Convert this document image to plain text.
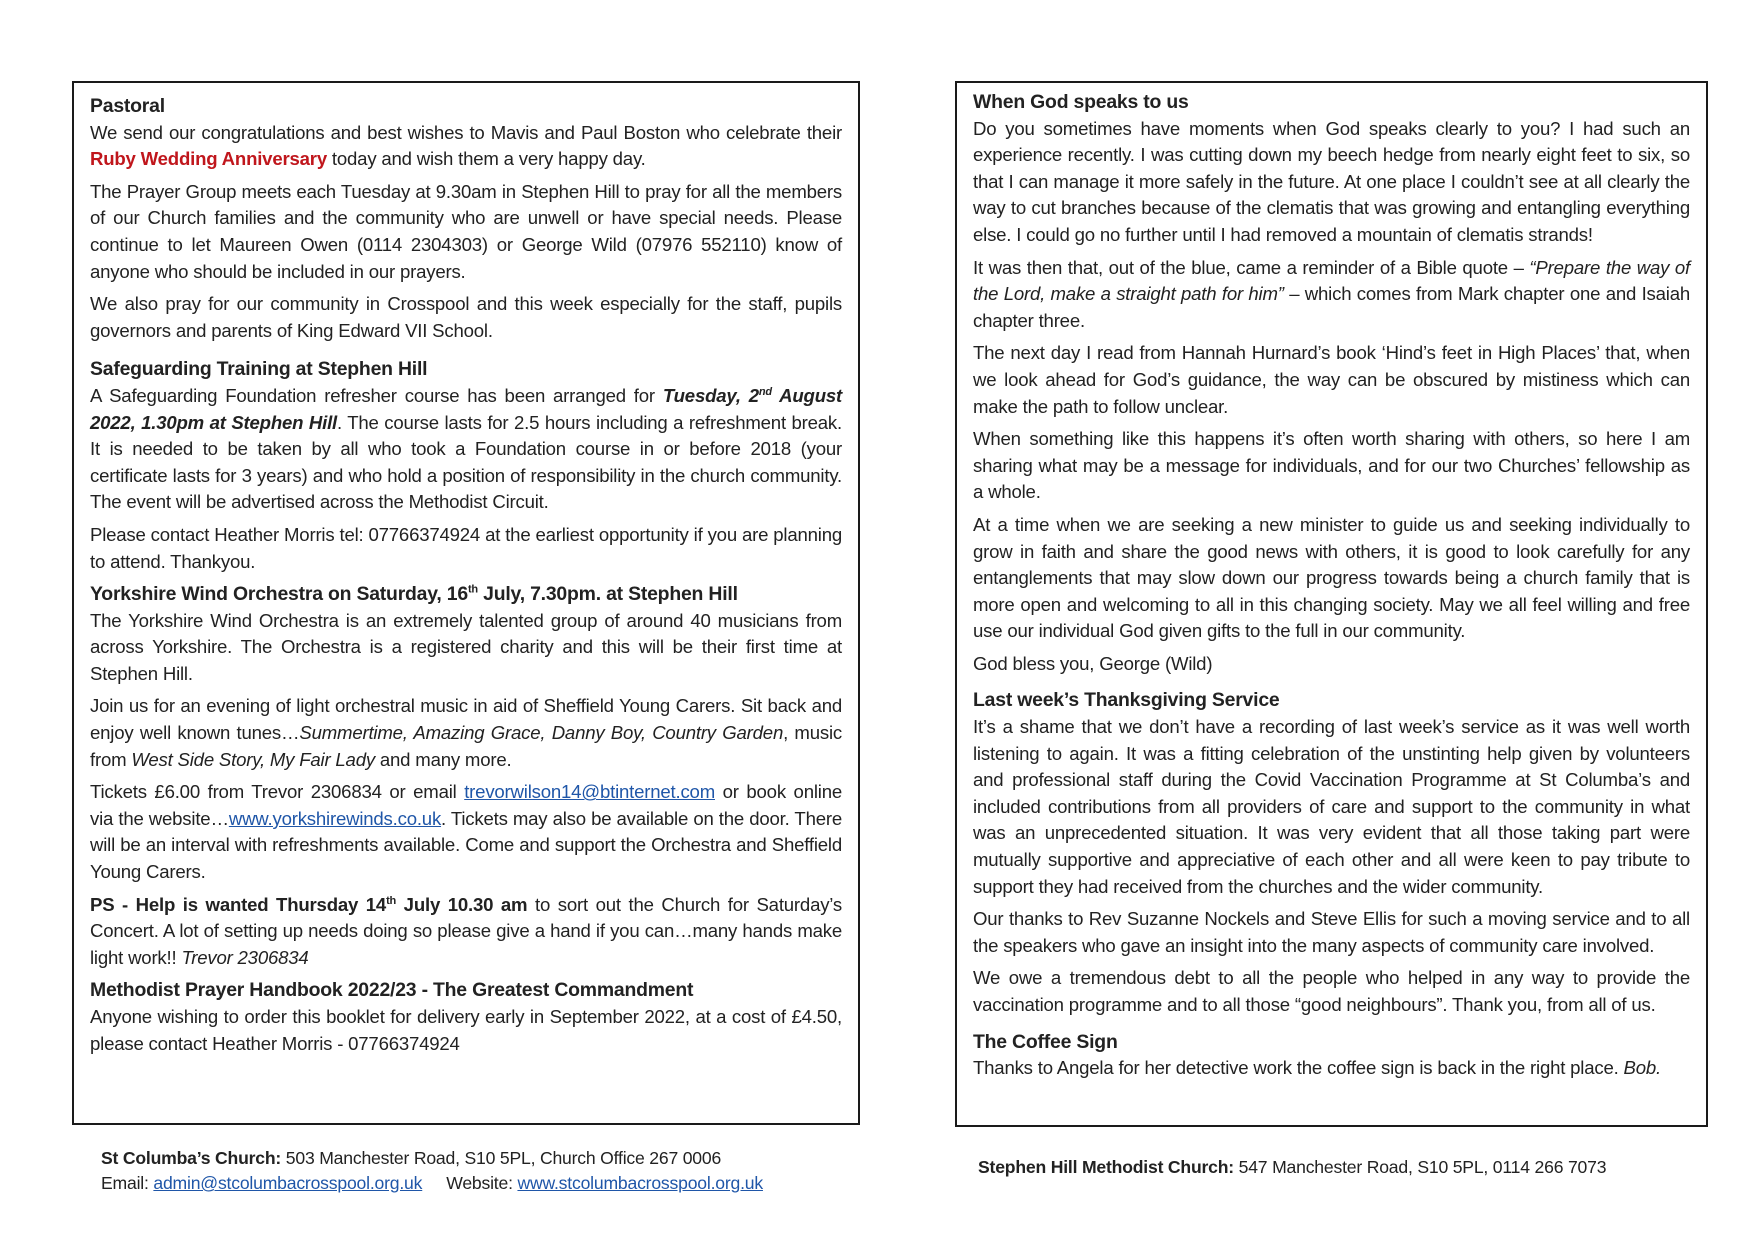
Pastoral

We send our congratulations and best wishes to Mavis and Paul Boston who celebrate their Ruby Wedding Anniversary today and wish them a very happy day.

The Prayer Group meets each Tuesday at 9.30am in Stephen Hill to pray for all the members of our Church families and the community who are unwell or have special needs. Please continue to let Maureen Owen (0114 2304303) or George Wild (07976 552110) know of anyone who should be included in our prayers.

We also pray for our community in Crosspool and this week especially for the staff, pupils governors and parents of King Edward VII School.

Safeguarding Training at Stephen Hill

A Safeguarding Foundation refresher course has been arranged for Tuesday, 2nd August 2022, 1.30pm at Stephen Hill. The course lasts for 2.5 hours including a refreshment break. It is needed to be taken by all who took a Foundation course in or before 2018 (your certificate lasts for 3 years) and who hold a position of responsibility in the church community. The event will be advertised across the Methodist Circuit.

Please contact Heather Morris tel: 07766374924 at the earliest opportunity if you are planning to attend. Thankyou.

Yorkshire Wind Orchestra on Saturday, 16th July, 7.30pm. at Stephen Hill

The Yorkshire Wind Orchestra is an extremely talented group of around 40 musicians from across Yorkshire. The Orchestra is a registered charity and this will be their first time at Stephen Hill.

Join us for an evening of light orchestral music in aid of Sheffield Young Carers. Sit back and enjoy well known tunes…Summertime, Amazing Grace, Danny Boy, Country Garden, music from West Side Story, My Fair Lady and many more.

Tickets £6.00 from Trevor 2306834 or email trevorwilson14@btinternet.com or book online via the website…www.yorkshirewinds.co.uk. Tickets may also be available on the door. There will be an interval with refreshments available. Come and support the Orchestra and Sheffield Young Carers.

PS - Help is wanted Thursday 14th July 10.30 am to sort out the Church for Saturday’s Concert. A lot of setting up needs doing so please give a hand if you can…many hands make light work!! Trevor 2306834

Methodist Prayer Handbook 2022/23 - The Greatest Commandment

Anyone wishing to order this booklet for delivery early in September 2022, at a cost of £4.50, please contact Heather Morris - 07766374924

When God speaks to us

Do you sometimes have moments when God speaks clearly to you? I had such an experience recently. I was cutting down my beech hedge from nearly eight feet to six, so that I can manage it more safely in the future. At one place I couldn’t see at all clearly the way to cut branches because of the clematis that was growing and entangling everything else. I could go no further until I had removed a mountain of clematis strands!

It was then that, out of the blue, came a reminder of a Bible quote – “Prepare the way of the Lord, make a straight path for him” – which comes from Mark chapter one and Isaiah chapter three.

The next day I read from Hannah Hurnard’s book ‘Hind’s feet in High Places’ that, when we look ahead for God’s guidance, the way can be obscured by mistiness which can make the path to follow unclear.

When something like this happens it’s often worth sharing with others, so here I am sharing what may be a message for individuals, and for our two Churches’ fellowship as a whole.

At a time when we are seeking a new minister to guide us and seeking individually to grow in faith and share the good news with others, it is good to look carefully for any entanglements that may slow down our progress towards being a church family that is more open and welcoming to all in this changing society. May we all feel willing and free use our individual God given gifts to the full in our community.

God bless you, George (Wild)

Last week’s Thanksgiving Service

It’s a shame that we don’t have a recording of last week’s service as it was well worth listening to again. It was a fitting celebration of the unstinting help given by volunteers and professional staff during the Covid Vaccination Programme at St Columba’s and included contributions from all providers of care and support to the community in what was an unprecedented situation. It was very evident that all those taking part were mutually supportive and appreciative of each other and all were keen to pay tribute to support they had received from the churches and the wider community.

Our thanks to Rev Suzanne Nockels and Steve Ellis for such a moving service and to all the speakers who gave an insight into the many aspects of community care involved.

We owe a tremendous debt to all the people who helped in any way to provide the vaccination programme and to all those “good neighbours”. Thank you, from all of us.

The Coffee Sign

Thanks to Angela for her detective work the coffee sign is back in the right place. Bob.

St Columba’s Church: 503 Manchester Road, S10 5PL, Church Office 267 0006
Email: admin@stcolumbacrosspool.org.uk Website: www.stcolumbacrosspool.org.uk
Stephen Hill Methodist Church: 547 Manchester Road, S10 5PL, 0114 266 7073
